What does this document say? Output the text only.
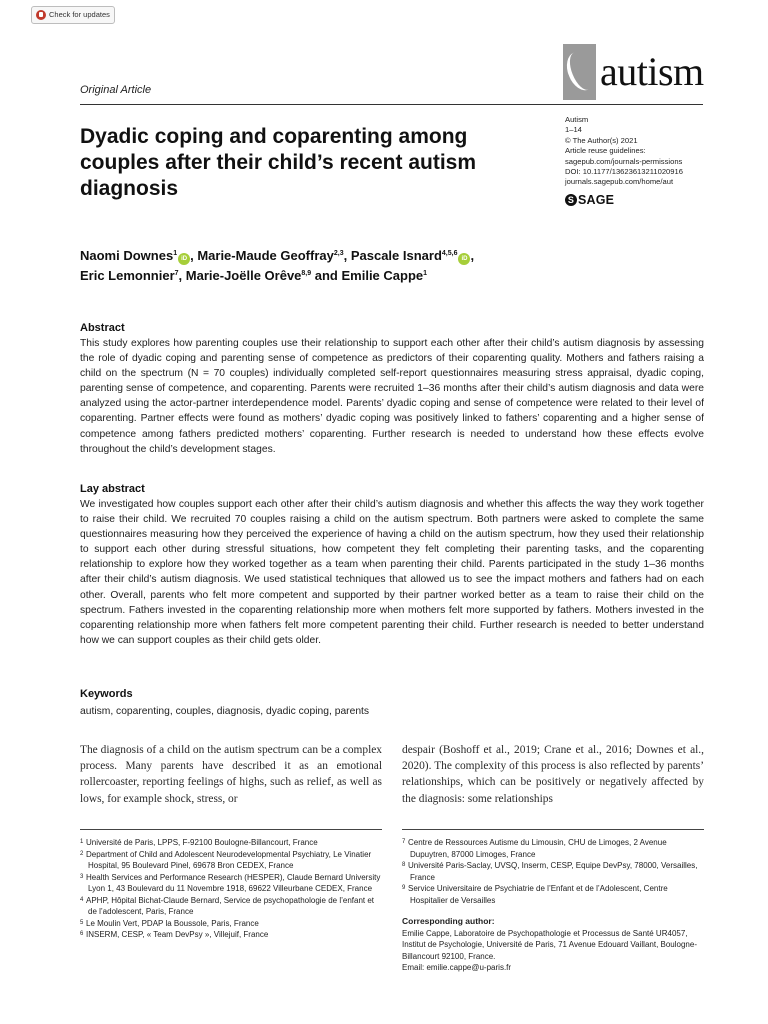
Check for updates
Original Article	autism
Dyadic coping and coparenting among couples after their child’s recent autism diagnosis
Autism
1–14
© The Author(s) 2021
Article reuse guidelines:
sagepub.com/journals-permissions
DOI: 10.1177/13623613211020916
journals.sagepub.com/home/aut
S SAGE
Naomi Downes$^1$iD , Marie-Maude Geoffray$^{2,3}$, Pascale Isnard$^{4,5,6}$iD ,
Eric Lemonnier$^7$, Marie-Joëlle Orêve$^{8,9}$ and Emilie Cappe$^1$
Abstract
This study explores how parenting couples use their relationship to support each other after their child’s autism diagnosis by assessing the role of dyadic coping and parenting sense of competence as predictors of their coparenting quality. Mothers and fathers raising a child on the spectrum (N = 70 couples) individually completed self-report questionnaires measuring stress appraisal, dyadic coping, parenting sense of competence, and coparenting. Parents were recruited 1–36 months after their child’s autism diagnosis and data were analyzed using the actor-partner interdependence model. Parents’ dyadic coping and sense of competence were related to their level of coparenting. Partner effects were found as mothers’ dyadic coping was positively linked to fathers’ coparenting and a higher sense of competence among fathers predicted mothers’ coparenting. Further research is needed to understand how these effects evolve throughout the child’s development stages.
Lay abstract
We investigated how couples support each other after their child’s autism diagnosis and whether this affects the way they work together to raise their child. We recruited 70 couples raising a child on the autism spectrum. Both partners were asked to complete the same questionnaires measuring how they perceived the experience of having a child on the autism spectrum, how they used their relationship to support each other during stressful situations, how competent they felt completing their parenting tasks, and the coparenting relationship to explore how they worked together as a team when parenting their child. Parents participated in the study 1–36 months after their child’s autism diagnosis. We used statistical techniques that allowed us to see the impact mothers and fathers had on each other. Overall, parents who felt more competent and supported by their partner worked better as a team to raise their child on the spectrum. Fathers invested in the coparenting relationship more when mothers felt more supported by fathers. Mothers invested in the coparenting relationship more when fathers felt more competent parenting their child. Further research is needed to better understand how we can support couples as their child gets older.
Keywords
autism, coparenting, couples, diagnosis, dyadic coping, parents
The diagnosis of a child on the autism spectrum can be a complex process. Many parents have described it as an emotional rollercoaster, reporting feelings of highs, such as relief, as well as lows, for example shock, stress, or
despair (Boshoff et al., 2019; Crane et al., 2016; Downes et al., 2020). The complexity of this process is also reflected by parents’ relationships, which can be positively or negatively affected by the diagnosis: some relationships
1 Université de Paris, LPPS, F-92100 Boulogne-Billancourt, France
2 Department of Child and Adolescent Neurodevelopmental Psychiatry, Le Vinatier Hospital, 95 Boulevard Pinel, 69678 Bron CEDEX, France
3 Health Services and Performance Research (HESPER), Claude Bernard University Lyon 1, 43 Boulevard du 11 Novembre 1918, 69622 Villeurbane CEDEX, France
4 APHP, Hôpital Bichat-Claude Bernard, Service de psychopathologie de l’enfant et de l’adolescent, Paris, France
5 Le Moulin Vert, PDAP la Boussole, Paris, France
6 INSERM, CESP, « Team DevPsy », Villejuif, France
7 Centre de Ressources Autisme du Limousin, CHU de Limoges, 2 Avenue Dupuytren, 87000 Limoges, France
8 Université Paris-Saclay, UVSQ, Inserm, CESP, Equipe DevPsy, 78000, Versailles, France
9 Service Universitaire de Psychiatrie de l’Enfant et de l’Adolescent, Centre Hospitalier de Versailles
Corresponding author:
Emilie Cappe, Laboratoire de Psychopathologie et Processus de Santé UR4057, Institut de Psychologie, Université de Paris, 71 Avenue Edouard Vaillant, Boulogne-Billancourt 92100, France.
Email: emilie.cappe@u-paris.fr
